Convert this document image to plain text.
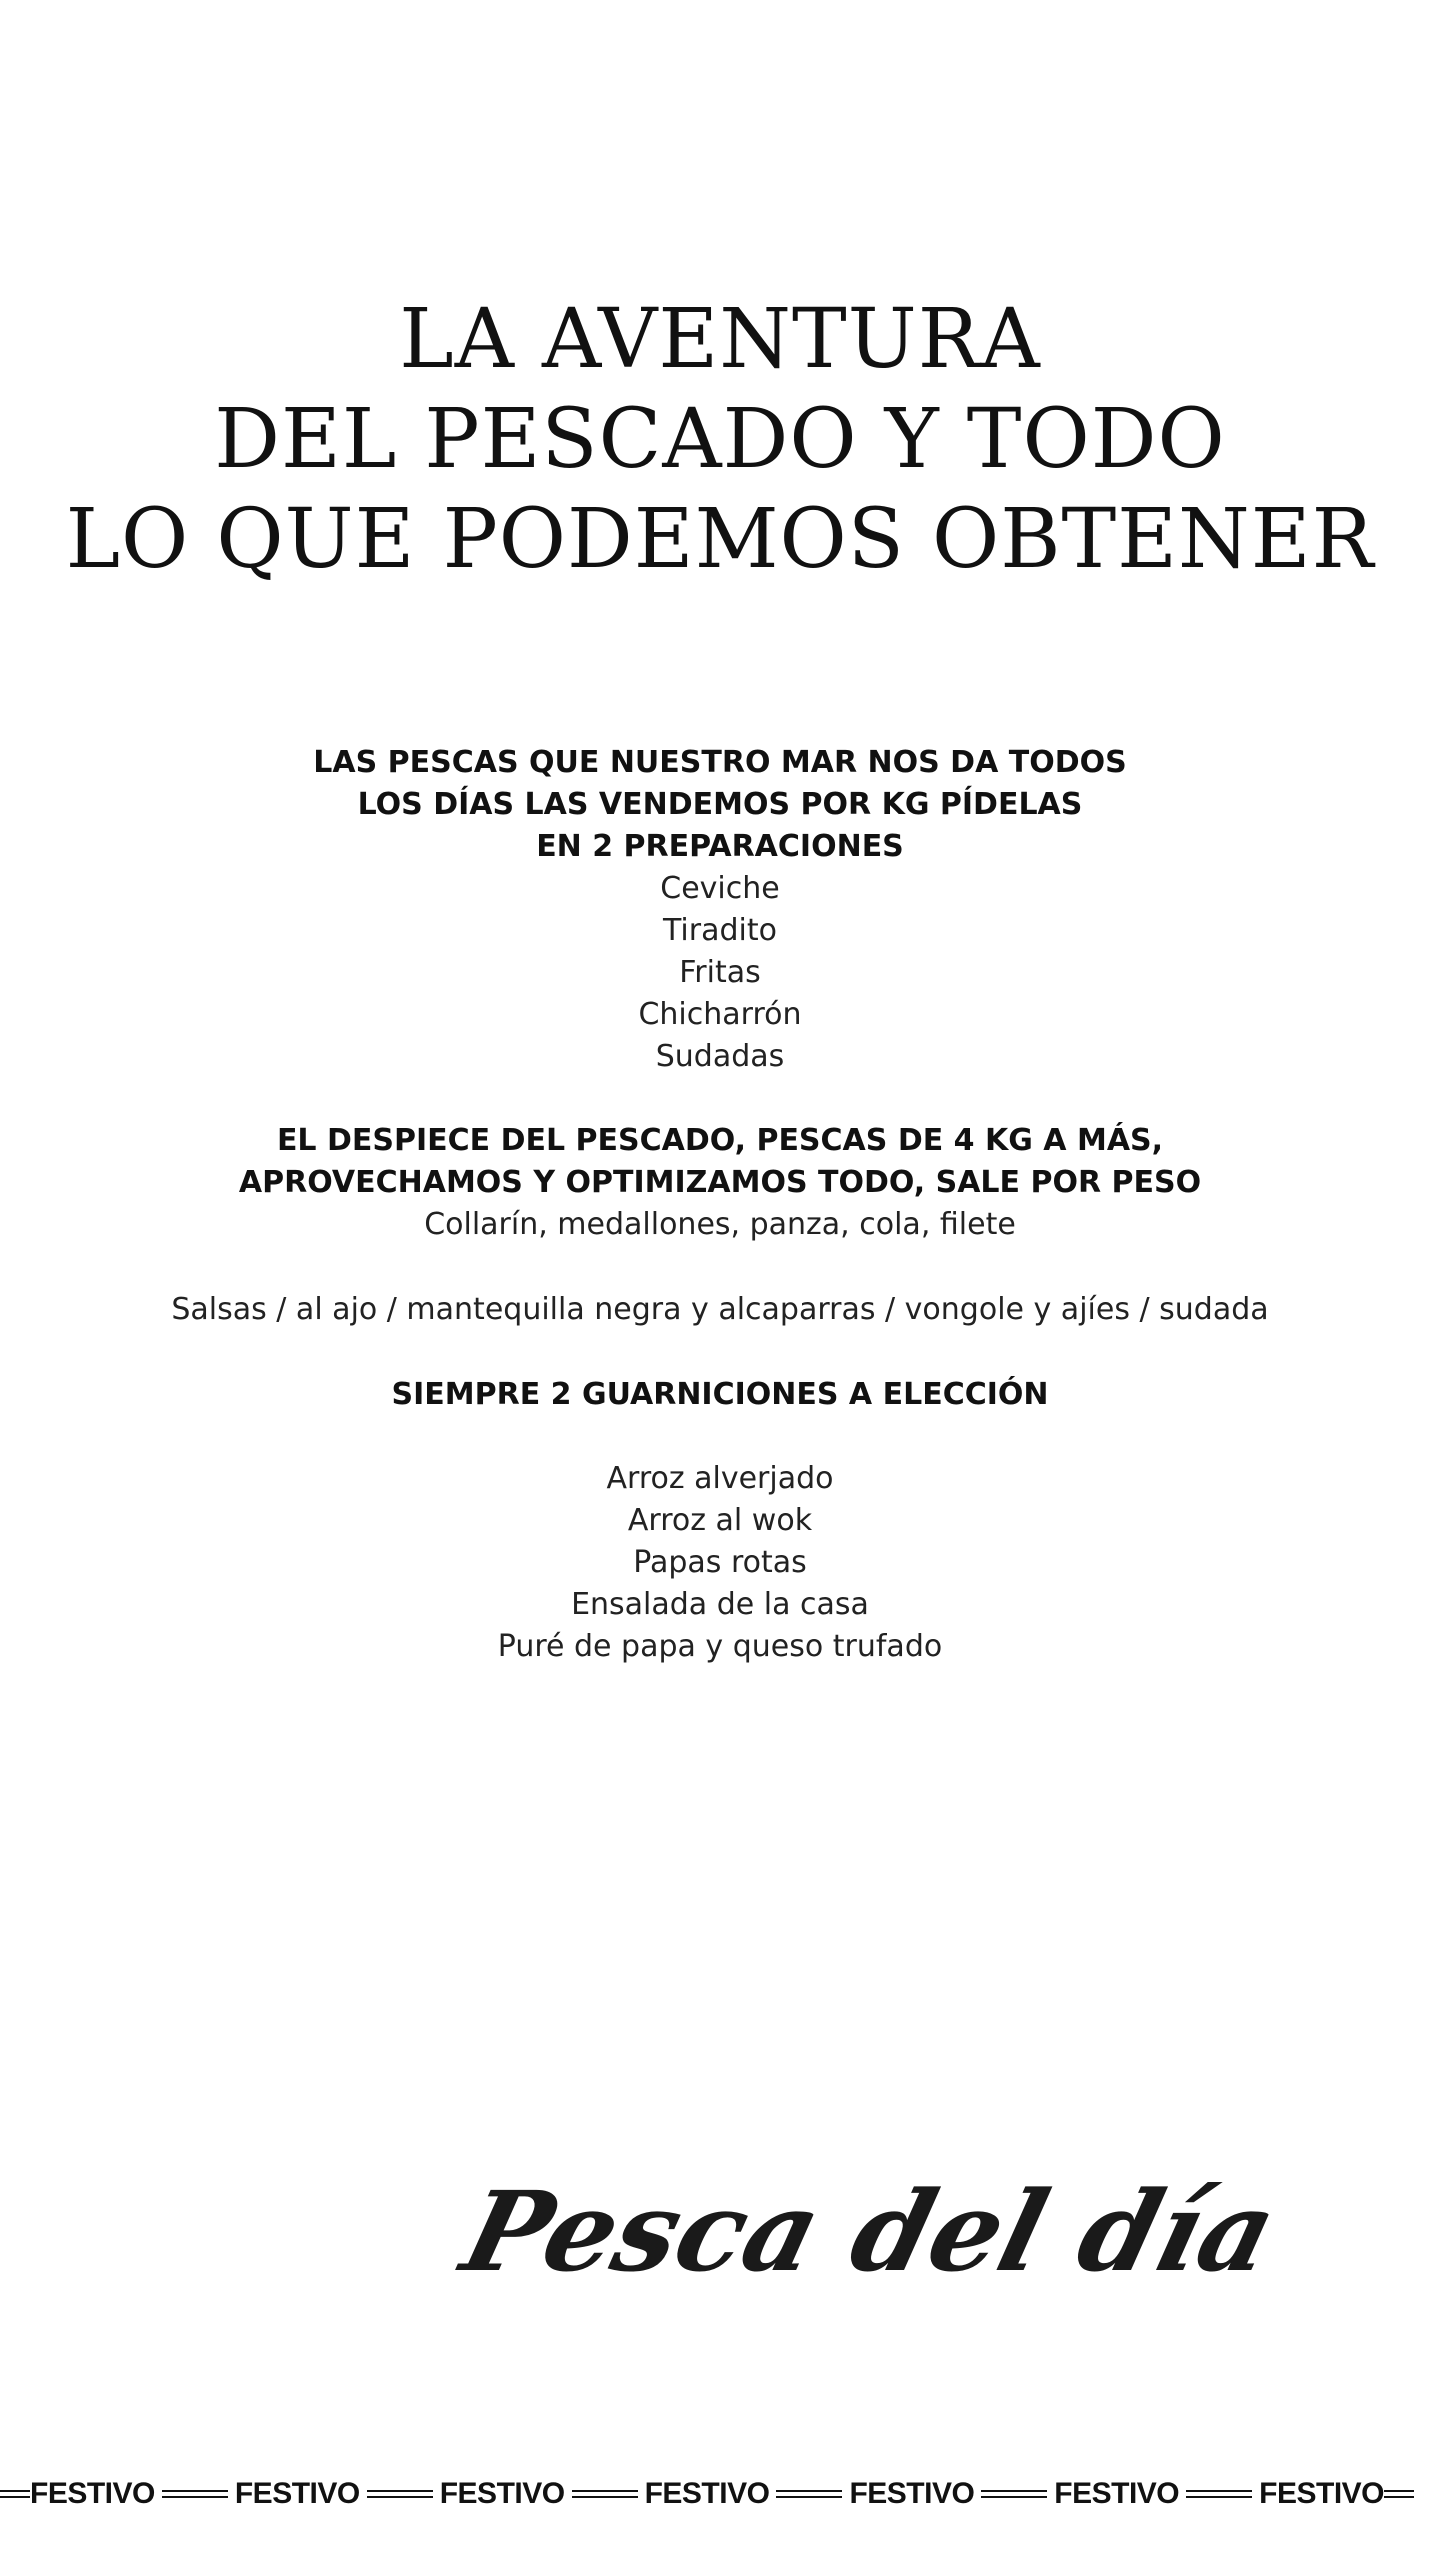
LA AVENTURA
DEL PESCADO Y TODO
LO QUE PODEMOS OBTENER
LAS PESCAS QUE NUESTRO MAR NOS DA TODOS
LOS DÍAS LAS VENDEMOS POR KG PÍDELAS
EN 2 PREPARACIONES
Ceviche
Tiradito
Fritas
Chicharrón
Sudadas
EL DESPIECE DEL PESCADO, PESCAS DE 4 KG A MÁS,
APROVECHAMOS Y OPTIMIZAMOS TODO, SALE POR PESO
Collarín, medallones, panza, cola, filete
Salsas / al ajo / mantequilla negra y alcaparras / vongole y ajíes / sudada
SIEMPRE 2 GUARNICIONES A ELECCIÓN
Arroz alverjado
Arroz al wok
Papas rotas
Ensalada de la casa
Puré de papa y queso trufado
Pesca del día
FESTIVO	FESTIVO	FESTIVO	FESTIVO	FESTIVO	FESTIVO	FESTIVO
